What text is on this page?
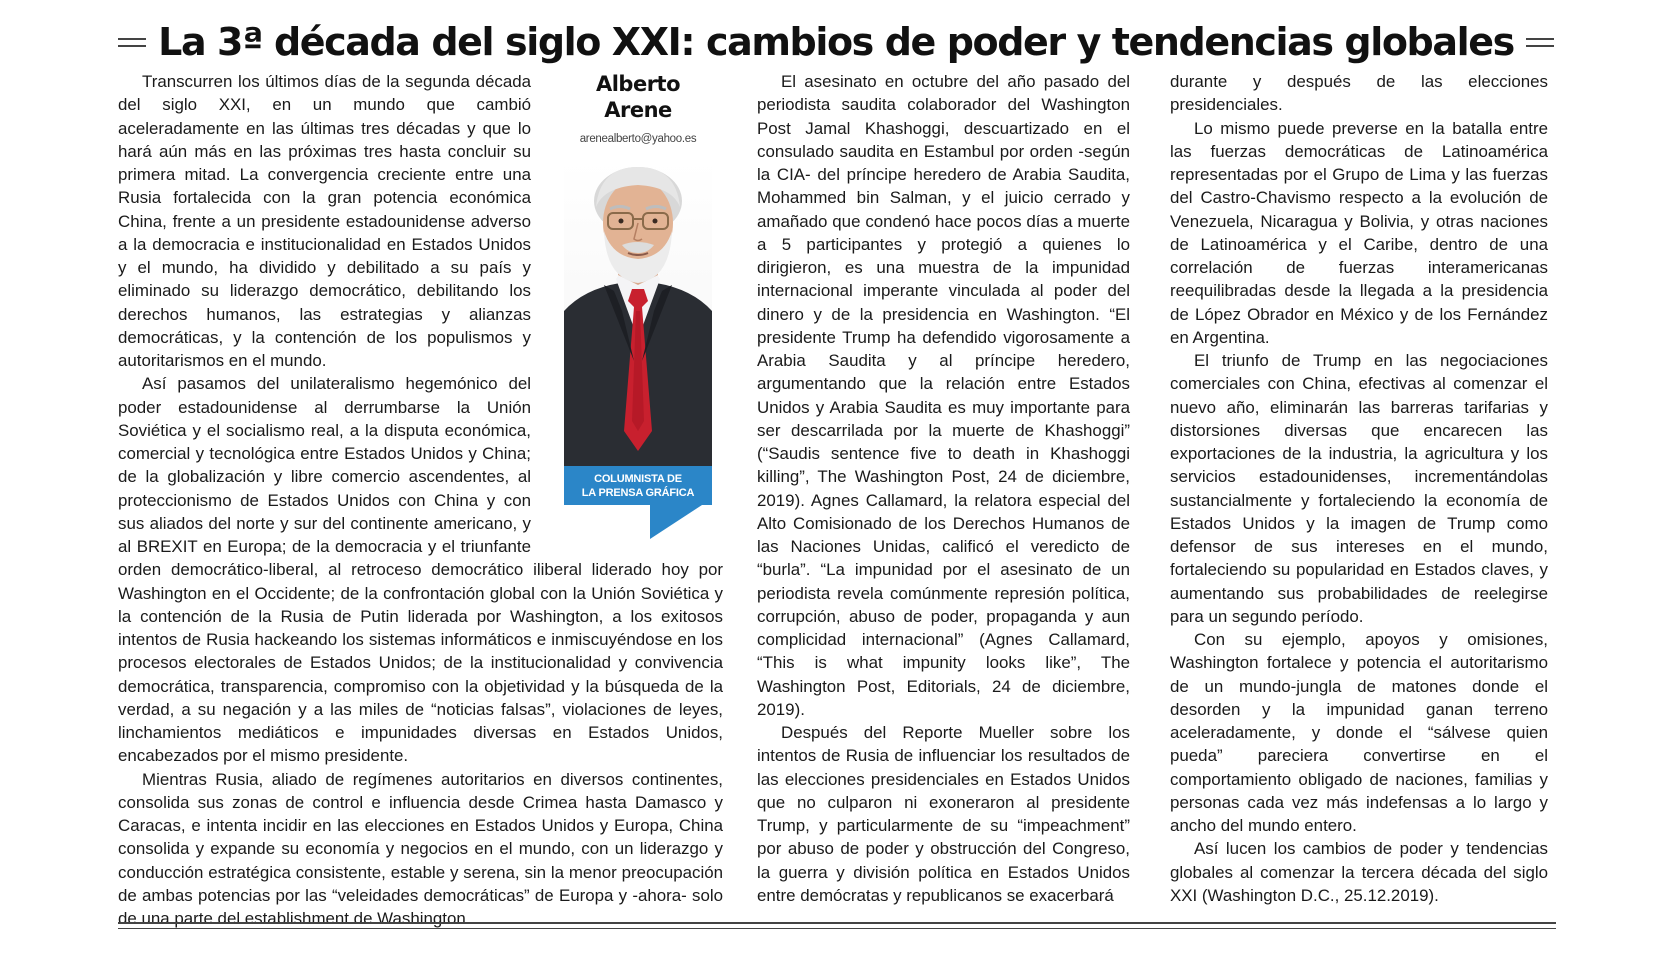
La 3ª década del siglo XXI: cambios de poder y tendencias globales
Alberto
Arene
arenealberto@yahoo.es
COLUMNISTA DE
LA PRENSA GRÁFICA

Transcurren los últimos días de la segunda década del siglo XXI, en un mundo que cambió aceleradamente en las últimas tres décadas y que lo hará aún más en las próximas tres hasta concluir su primera mitad. La convergencia creciente entre una Rusia fortalecida con la gran potencia económica China, frente a un presidente estadounidense adverso a la democracia e institucionalidad en Estados Unidos y el mundo, ha dividido y debilitado a su país y eliminado su liderazgo democrático, debilitando los derechos humanos, las estrategias y alianzas democráticas, y la contención de los populismos y autoritarismos en el mundo.

Así pasamos del unilateralismo hegemónico del poder estadounidense al derrumbarse la Unión Soviética y el socialismo real, a la disputa económica, comercial y tecnológica entre Estados Unidos y China; de la globalización y libre comercio ascendentes, al proteccionismo de Estados Unidos con China y con sus aliados del norte y sur del continente americano, y al BREXIT en Europa; de la democracia y el triunfante orden democrático-liberal, al retroceso democrático iliberal liderado hoy por Washington en el Occidente; de la confrontación global con la Unión Soviética y la contención de la Rusia de Putin liderada por Washington, a los exitosos intentos de Rusia hackeando los sistemas informáticos e inmiscuyéndose en los procesos electorales de Estados Unidos; de la institucionalidad y convivencia democrática, transparencia, compromiso con la objetividad y la búsqueda de la verdad, a su negación y a las miles de “noticias falsas”, violaciones de leyes, linchamientos mediáticos e impunidades diversas en Estados Unidos, encabezados por el mismo presidente.

Mientras Rusia, aliado de regímenes autoritarios en diversos continentes, consolida sus zonas de control e influencia desde Crimea hasta Damasco y Caracas, e intenta incidir en las elecciones en Estados Unidos y Europa, China consolida y expande su economía y negocios en el mundo, con un liderazgo y conducción estratégica consistente, estable y serena, sin la menor preocupación de ambas potencias por las “veleidades democráticas” de Europa y -ahora- solo de una parte del establishment de Washington.

El asesinato en octubre del año pasado del periodista saudita colaborador del Washington Post Jamal Khashoggi, descuartizado en el consulado saudita en Estambul por orden -según la CIA- del príncipe heredero de Arabia Saudita, Mohammed bin Salman, y el juicio cerrado y amañado que condenó hace pocos días a muerte a 5 participantes y protegió a quienes lo dirigieron, es una muestra de la impunidad internacional imperante vinculada al poder del dinero y de la presidencia en Washington. “El presidente Trump ha defendido vigorosamente a Arabia Saudita y al príncipe heredero, argumentando que la relación entre Estados Unidos y Arabia Saudita es muy importante para ser descarrilada por la muerte de Khashoggi” (“Saudis sentence five to death in Khashoggi killing”, The Washington Post, 24 de diciembre, 2019). Agnes Callamard, la relatora especial del Alto Comisionado de los Derechos Humanos de las Naciones Unidas, calificó el veredicto de “burla”. “La impunidad por el asesinato de un periodista revela comúnmente represión política, corrupción, abuso de poder, propaganda y aun complicidad internacional” (Agnes Callamard, “This is what impunity looks like”, The Washington Post, Editorials, 24 de diciembre, 2019).

Después del Reporte Mueller sobre los intentos de Rusia de influenciar los resultados de las elecciones presidenciales en Estados Unidos que no culparon ni exoneraron al presidente Trump, y particularmente de su “impeachment” por abuso de poder y obstrucción del Congreso, la guerra y división política en Estados Unidos entre demócratas y republicanos se exacerbará

durante y después de las elecciones presidenciales.

Lo mismo puede preverse en la batalla entre las fuerzas democráticas de Latinoamérica representadas por el Grupo de Lima y las fuerzas del Castro-Chavismo respecto a la evolución de Venezuela, Nicaragua y Bolivia, y otras naciones de Latinoamérica y el Caribe, dentro de una correlación de fuerzas interamericanas reequilibradas desde la llegada a la presidencia de López Obrador en México y de los Fernández en Argentina.

El triunfo de Trump en las negociaciones comerciales con China, efectivas al comenzar el nuevo año, eliminarán las barreras tarifarias y distorsiones diversas que encarecen las exportaciones de la industria, la agricultura y los servicios estadounidenses, incrementándolas sustancialmente y fortaleciendo la economía de Estados Unidos y la imagen de Trump como defensor de sus intereses en el mundo, fortaleciendo su popularidad en Estados claves, y aumentando sus probabilidades de reelegirse para un segundo período.

Con su ejemplo, apoyos y omisiones, Washington fortalece y potencia el autoritarismo de un mundo-jungla de matones donde el desorden y la impunidad ganan terreno aceleradamente, y donde el “sálvese quien pueda” pareciera convertirse en el comportamiento obligado de naciones, familias y personas cada vez más indefensas a lo largo y ancho del mundo entero.

Así lucen los cambios de poder y tendencias globales al comenzar la tercera década del siglo XXI (Washington D.C., 25.12.2019).
